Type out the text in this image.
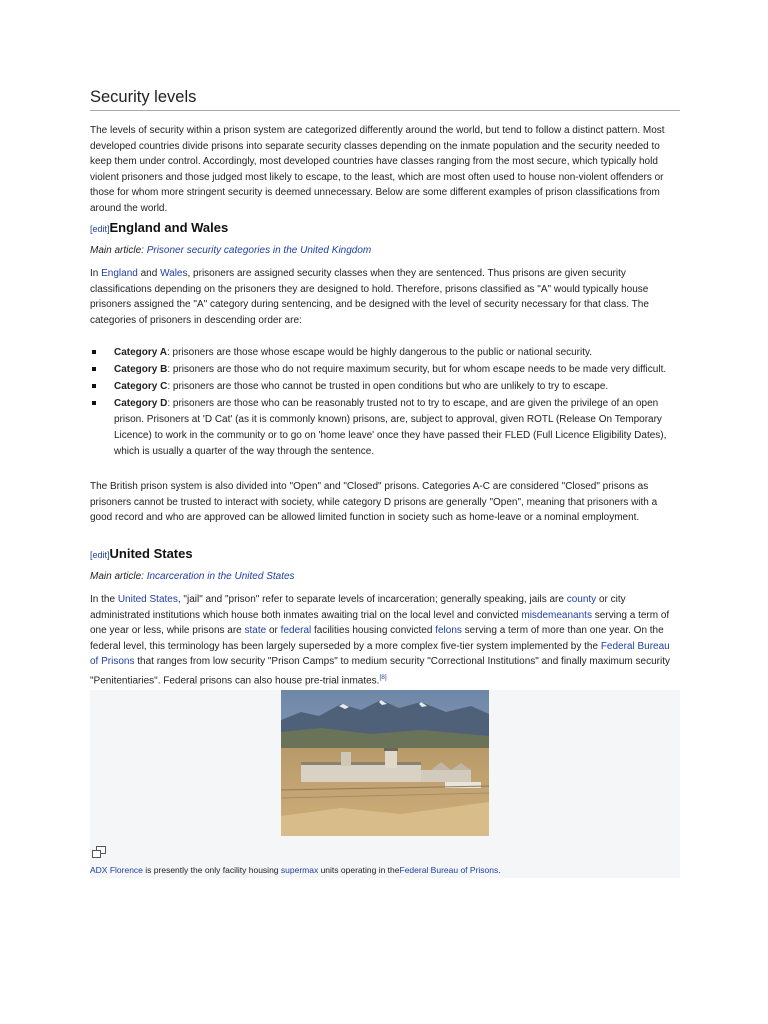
Security levels

The levels of security within a prison system are categorized differently around the world, but tend to follow a distinct pattern. Most developed countries divide prisons into separate security classes depending on the inmate population and the security needed to keep them under control. Accordingly, most developed countries have classes ranging from the most secure, which typically hold violent prisoners and those judged most likely to escape, to the least, which are most often used to house non-violent offenders or those for whom more stringent security is deemed unnecessary. Below are some different examples of prison classifications from around the world.

[edit]England and Wales

Main article: Prisoner security categories in the United Kingdom

In England and Wales, prisoners are assigned security classes when they are sentenced. Thus prisons are given security classifications depending on the prisoners they are designed to hold. Therefore, prisons classified as "A" would typically house prisoners assigned the "A" category during sentencing, and be designed with the level of security necessary for that class. The categories of prisoners in descending order are:

Category A: prisoners are those whose escape would be highly dangerous to the public or national security.
Category B: prisoners are those who do not require maximum security, but for whom escape needs to be made very difficult.
Category C: prisoners are those who cannot be trusted in open conditions but who are unlikely to try to escape.
Category D: prisoners are those who can be reasonably trusted not to try to escape, and are given the privilege of an open prison. Prisoners at 'D Cat' (as it is commonly known) prisons, are, subject to approval, given ROTL (Release On Temporary Licence) to work in the community or to go on 'home leave' once they have passed their FLED (Full Licence Eligibility Dates), which is usually a quarter of the way through the sentence.

The British prison system is also divided into "Open" and "Closed" prisons. Categories A-C are considered "Closed" prisons as prisoners cannot be trusted to interact with society, while category D prisons are generally "Open", meaning that prisoners with a good record and who are approved can be allowed limited function in society such as home-leave or a nominal employment.

[edit]United States

Main article: Incarceration in the United States

In the United States, "jail" and "prison" refer to separate levels of incarceration; generally speaking, jails are county or city administrated institutions which house both inmates awaiting trial on the local level and convicted misdemeanants serving a term of one year or less, while prisons are state or federal facilities housing convicted felons serving a term of more than one year. On the federal level, this terminology has been largely superseded by a more complex five-tier system implemented by the Federal Bureau of Prisons that ranges from low security "Prison Camps" to medium security "Correctional Institutions" and finally maximum security "Penitentiaries". Federal prisons can also house pre-trial inmates.[8]

ADX Florence is presently the only facility housing supermax units operating in theFederal Bureau of Prisons.
